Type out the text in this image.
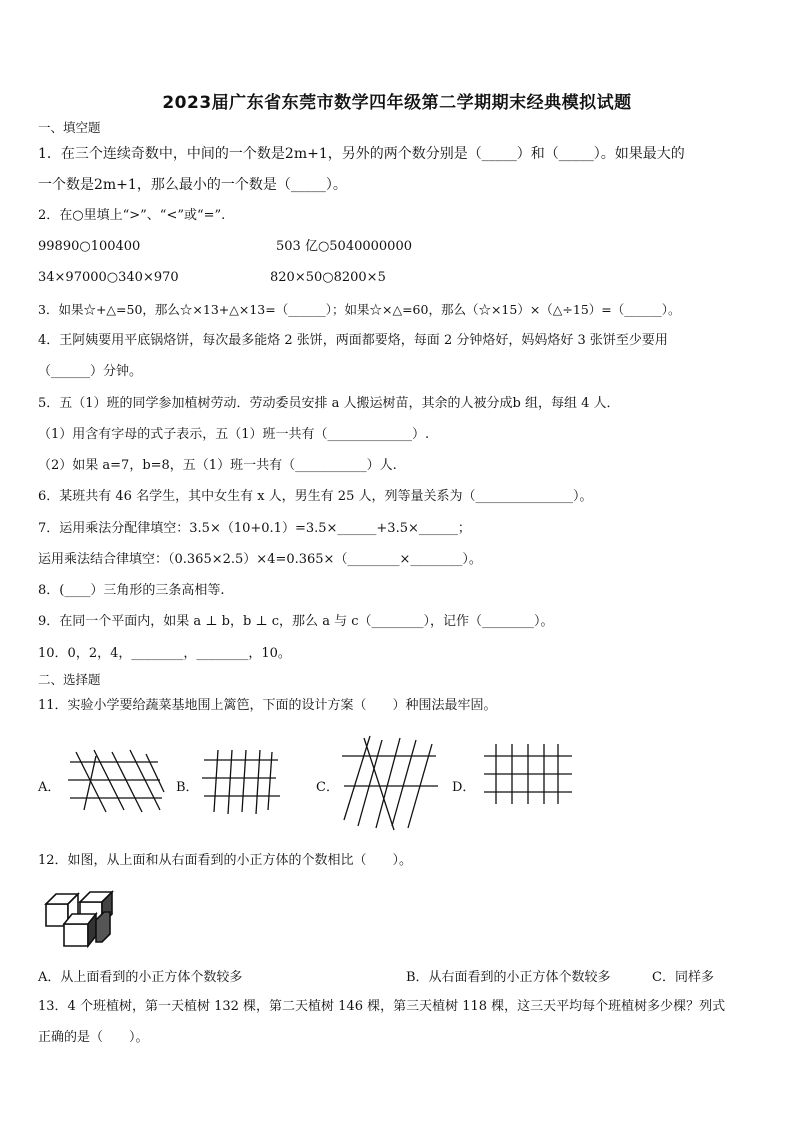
2023届广东省东莞市数学四年级第二学期期末经典模拟试题
一、填空题
1．在三个连续奇数中，中间的一个数是2m+1，另外的两个数分别是（_____）和（_____）。如果最大的
一个数是2m+1，那么最小的一个数是（_____）。
2．在○里填上“>”、“<”或“=”.
99890○100400	503 亿○5040000000
34×97000○340×970	820×50○8200×5
3．如果☆+△=50，那么☆×13+△×13=（______）；如果☆×△=60，那么（☆×15）×（△÷15）=（______）。
4．王阿姨要用平底锅烙饼，每次最多能烙 2 张饼，两面都要烙，每面 2 分钟烙好，妈妈烙好 3 张饼至少要用
（______）分钟。
5．五（1）班的同学参加植树劳动．劳动委员安排 a 人搬运树苗，其余的人被分成b 组，每组 4 人．
（1）用含有字母的式子表示，五（1）班一共有（_____________）.
（2）如果 a=7，b=8，五（1）班一共有（___________）人.
6．某班共有 46 名学生，其中女生有 x 人，男生有 25 人，列等量关系为（_______________）。
7．运用乘法分配律填空：3.5×（10+0.1）=3.5×______+3.5×______；
运用乘法结合律填空：（0.365×2.5）×4=0.365×（________×________）。
8．(____）三角形的三条高相等.
9．在同一个平面内，如果 a ⊥ b，b ⊥ c，那么 a 与 c（________），记作（________）。
10．0，2，4，________，________，10。
二、选择题
11．实验小学要给蔬菜基地围上篱笆，下面的设计方案（　　）种围法最牢固。
A．	B．	C．	D．
12．如图，从上面和从右面看到的小正方体的个数相比（　　）。
A．从上面看到的小正方体个数较多	B．从右面看到的小正方体个数较多	C．同样多
13．4 个班植树，第一天植树 132 棵，第二天植树 146 棵，第三天植树 118 棵，这三天平均每个班植树多少棵？列式
正确的是（　　）。
